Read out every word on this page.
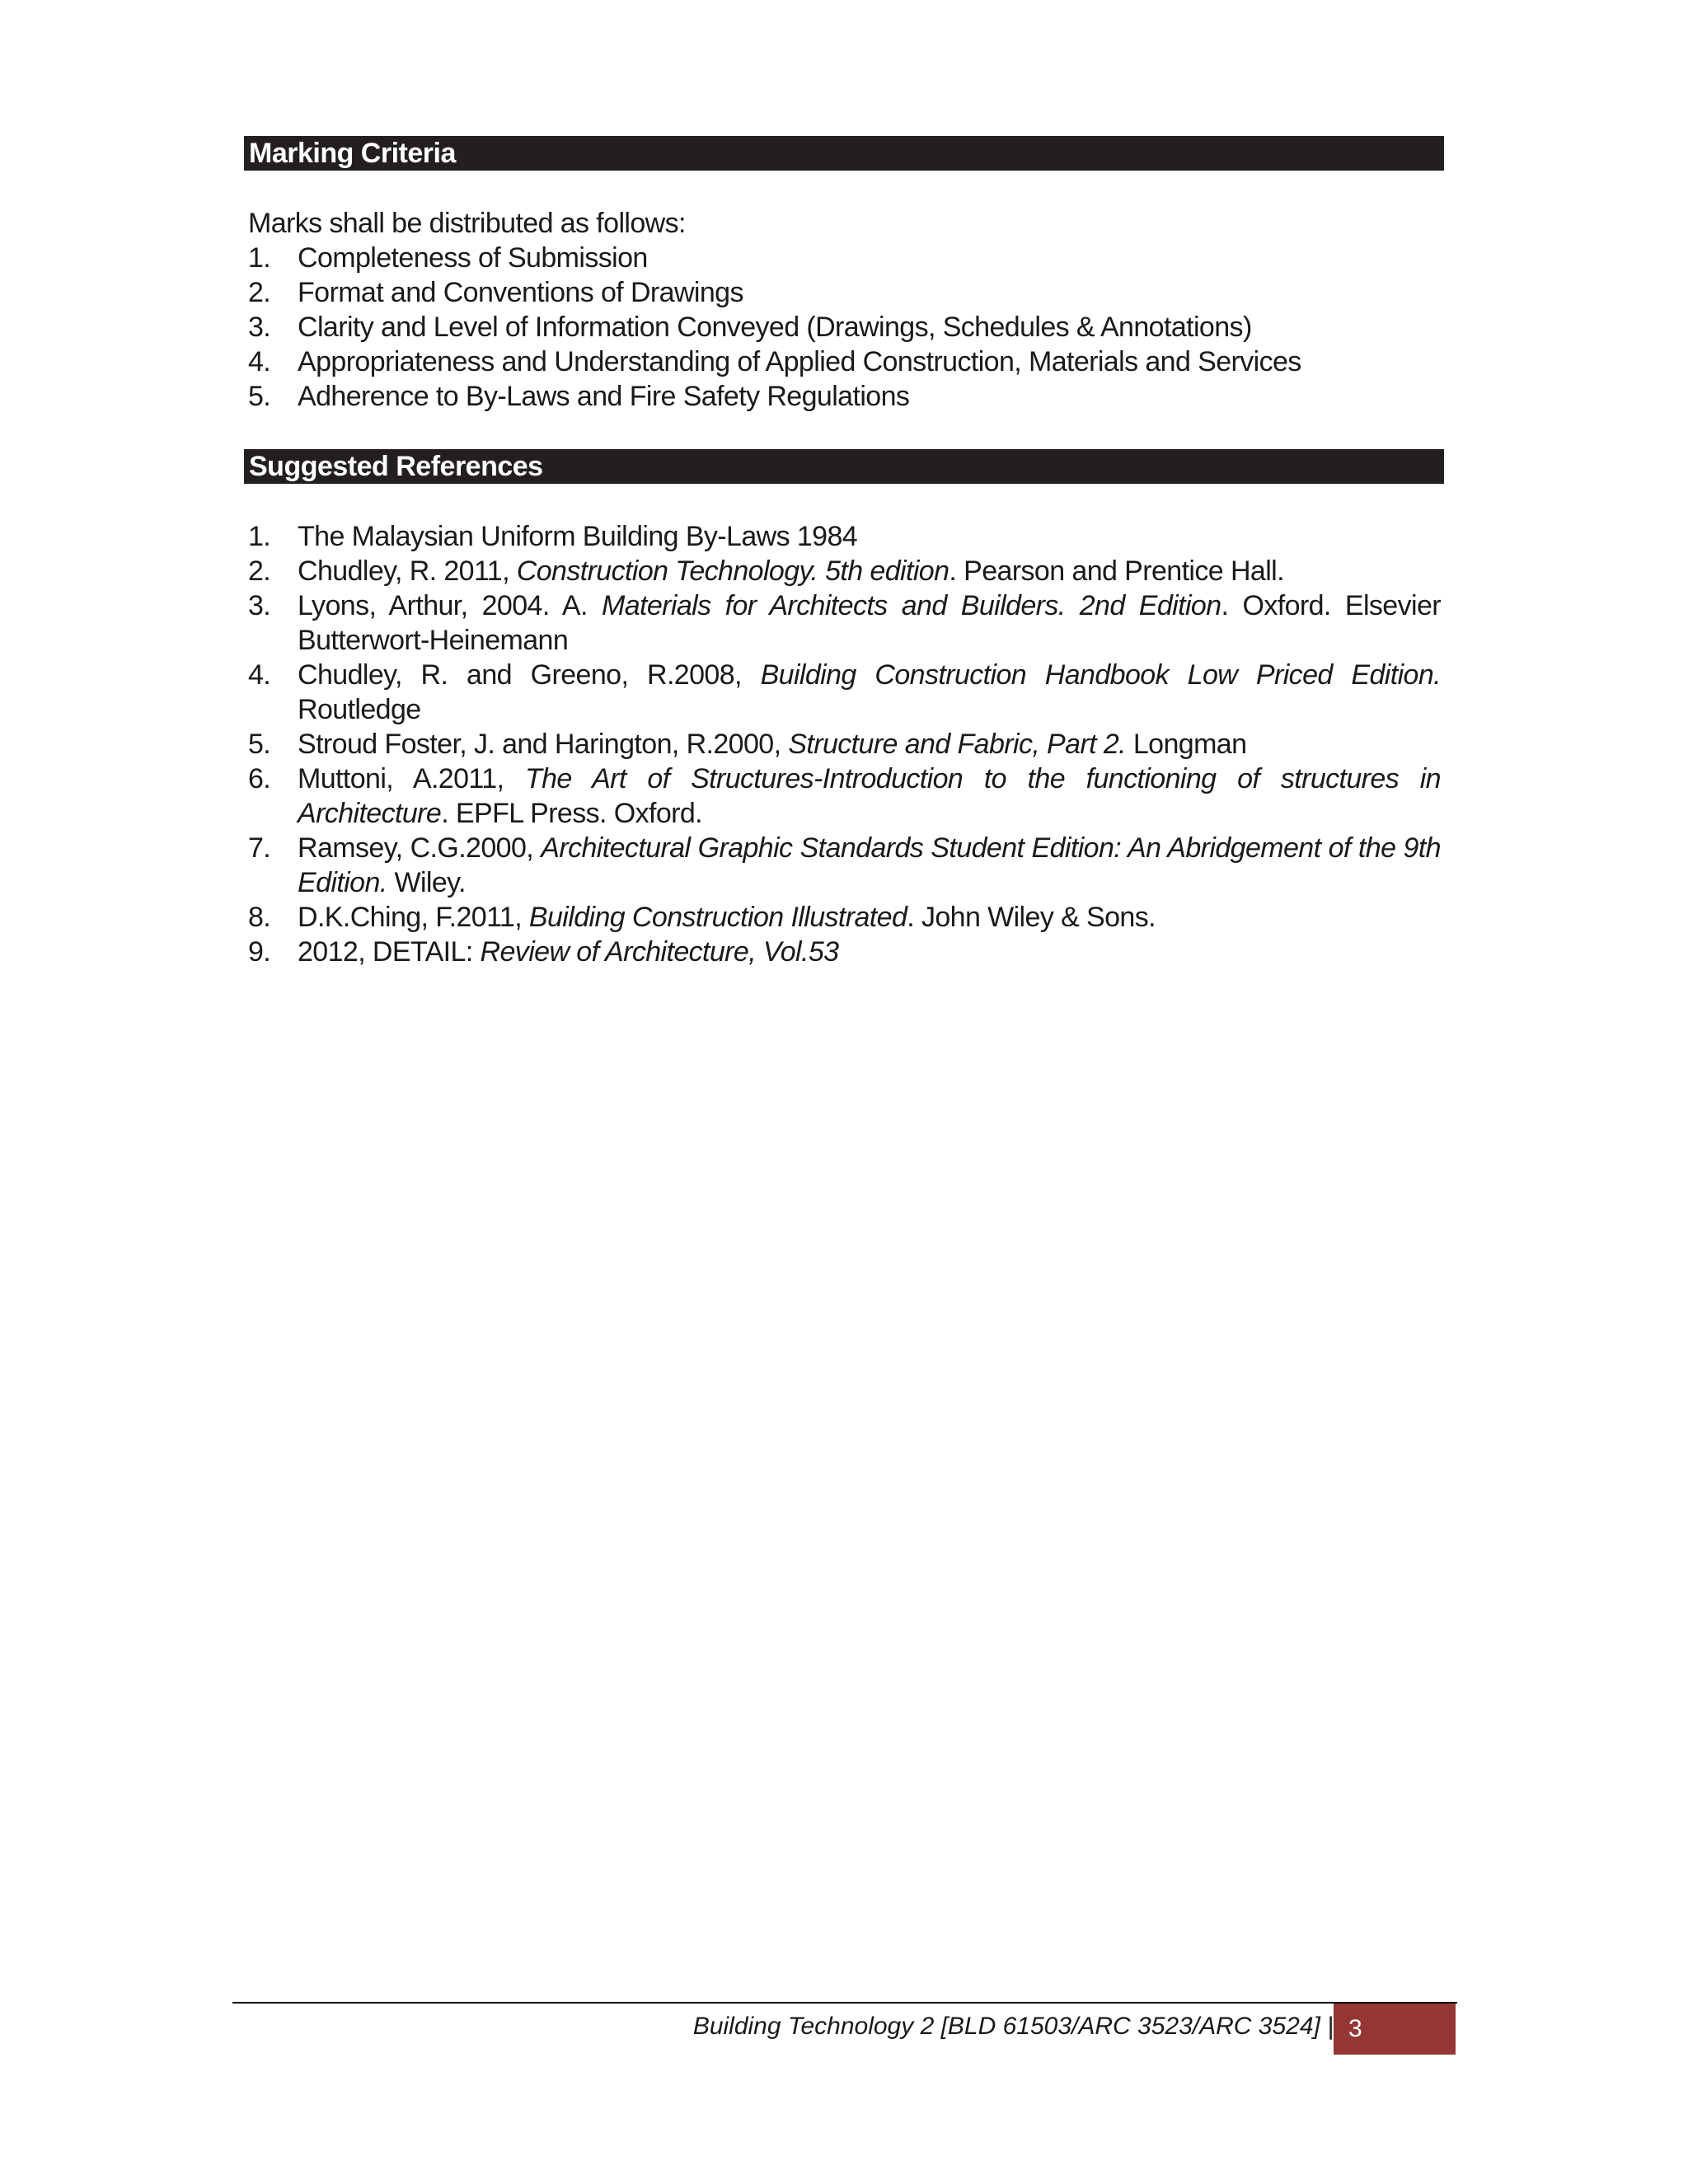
Marking Criteria
Marks shall be distributed as follows:
1. Completeness of Submission
2. Format and Conventions of Drawings
3. Clarity and Level of Information Conveyed (Drawings, Schedules & Annotations)
4. Appropriateness and Understanding of Applied Construction, Materials and Services
5. Adherence to By-Laws and Fire Safety Regulations
Suggested References
1. The Malaysian Uniform Building By-Laws 1984
2. Chudley, R. 2011, Construction Technology. 5th edition. Pearson and Prentice Hall.
3. Lyons, Arthur, 2004. A. Materials for Architects and Builders. 2nd Edition. Oxford. Elsevier Butterwort-Heinemann
4. Chudley, R. and Greeno, R.2008, Building Construction Handbook Low Priced Edition. Routledge
5. Stroud Foster, J. and Harington, R.2000, Structure and Fabric, Part 2. Longman
6. Muttoni, A.2011, The Art of Structures-Introduction to the functioning of structures in Architecture. EPFL Press. Oxford.
7. Ramsey, C.G.2000, Architectural Graphic Standards Student Edition: An Abridgement of the 9th Edition. Wiley.
8. D.K.Ching, F.2011, Building Construction Illustrated. John Wiley & Sons.
9. 2012, DETAIL: Review of Architecture, Vol.53
Building Technology 2 [BLD 61503/ARC 3523/ARC 3524] | 3
